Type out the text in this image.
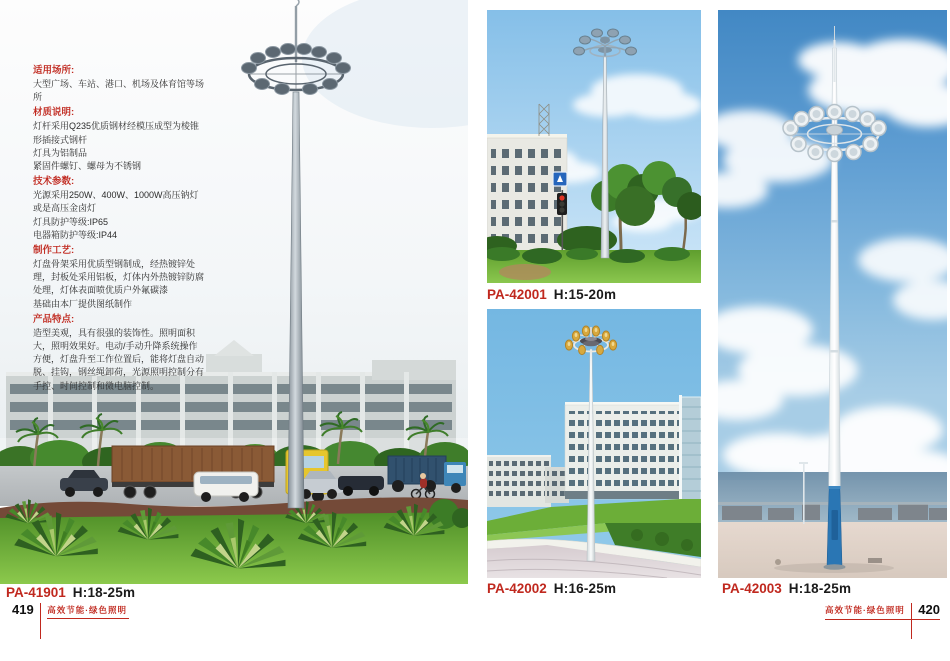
适用场所:
大型广场、车站、港口、机场及体育馆等场所
材质说明:
灯杆采用Q235优质钢材经模压成型为棱锥形插接式钢杆
灯具为铝制品
紧固件螺钉、螺母为不锈钢
技术参数:
光源采用250W、400W、1000W高压钠灯或是高压金卤灯
灯具防护等级:IP65
电器箱防护等级:IP44
制作工艺:
灯盘骨架采用优质型钢制成，经热镀锌处理，封板处采用铝板，灯体内外热镀锌防腐处理，灯体表面喷优质户外氟碳漆
基础由本厂提供图纸制作
产品特点:
造型美观，具有很强的装饰性。照明面积大，照明效果好。电动/手动升降系统操作方便，灯盘升至工作位置后，能将灯盘自动脱、挂钩，钢丝绳卸荷，光源照明控制分有手控、时间控制和微电脑控制。
PA-41901 H:18-25m
PA-42001 H:15-20m
PA-42002 H:16-25m	PA-42003 H:18-25m
419 高效节能·绿色照明	高效节能·绿色照明 420
